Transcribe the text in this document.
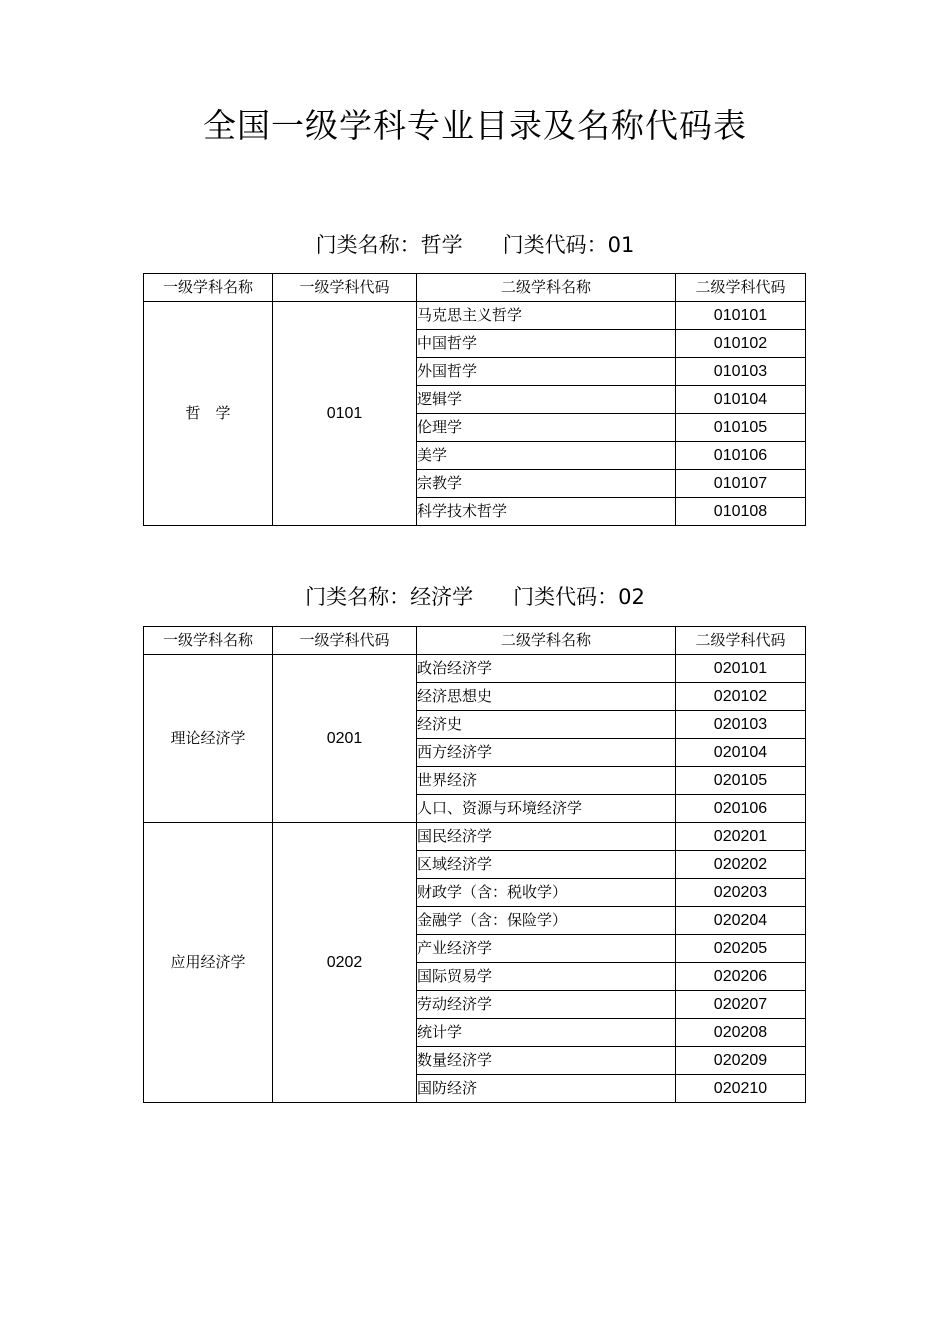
全国一级学科专业目录及名称代码表
门类名称：哲学 门类代码：01
一级学科名称	一级学科代码	二级学科名称	二级学科代码
哲　学	0101	马克思主义哲学	010101
		中国哲学	010102
		外国哲学	010103
		逻辑学	010104
		伦理学	010105
		美学	010106
		宗教学	010107
		科学技术哲学	010108
门类名称：经济学 门类代码：02
一级学科名称	一级学科代码	二级学科名称	二级学科代码
理论经济学	0201	政治经济学	020101
		经济思想史	020102
		经济史	020103
		西方经济学	020104
		世界经济	020105
		人口、资源与环境经济学	020106
应用经济学	0202	国民经济学	020201
		区域经济学	020202
		财政学（含：税收学）	020203
		金融学（含：保险学）	020204
		产业经济学	020205
		国际贸易学	020206
		劳动经济学	020207
		统计学	020208
		数量经济学	020209
		国防经济	020210
